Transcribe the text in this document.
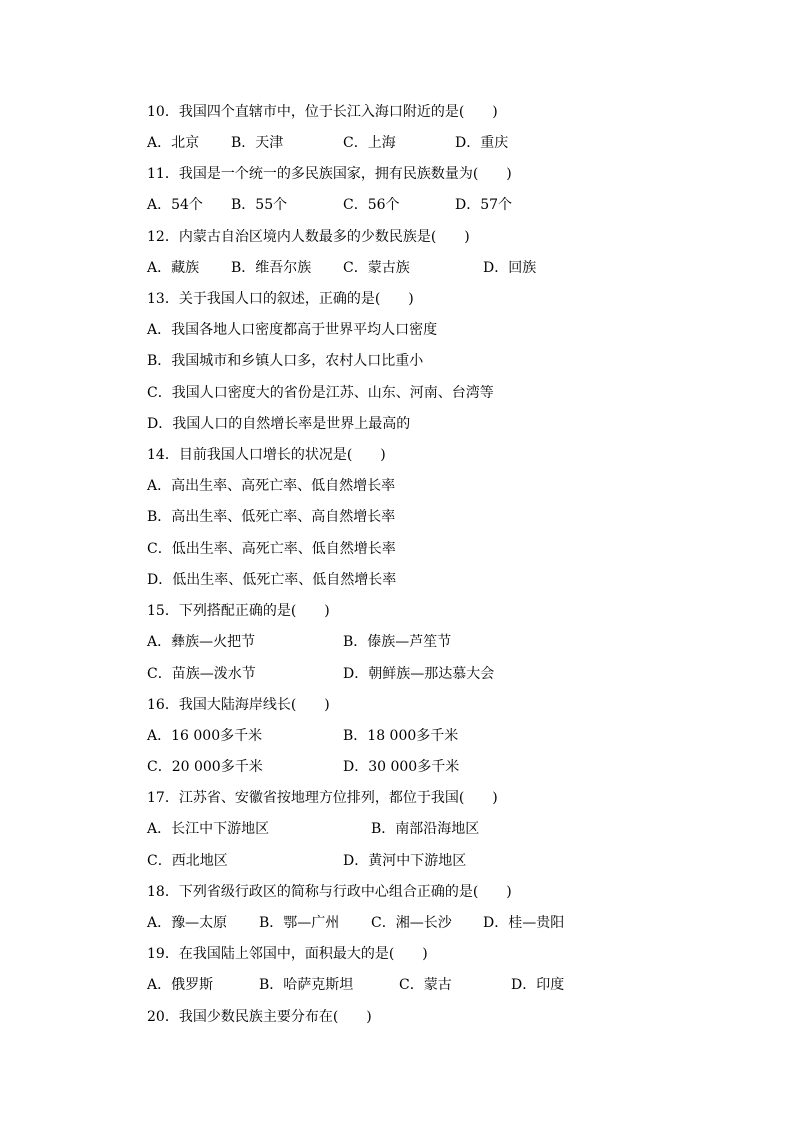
10．我国四个直辖市中，位于长江入海口附近的是(　　)
A．北京 B．天津	C．上海	D．重庆
11．我国是一个统一的多民族国家，拥有民族数量为(　　)
A．54个 B．55个	C．56个	D．57个
12．内蒙古自治区境内人数最多的少数民族是(　　)
A．藏族 B．维吾尔族 C．蒙古族	D．回族
13．关于我国人口的叙述，正确的是(　　)
A．我国各地人口密度都高于世界平均人口密度
B．我国城市和乡镇人口多，农村人口比重小
C．我国人口密度大的省份是江苏、山东、河南、台湾等
D．我国人口的自然增长率是世界上最高的
14．目前我国人口增长的状况是(　　)
A．高出生率、高死亡率、低自然增长率
B．高出生率、低死亡率、高自然增长率
C．低出生率、高死亡率、低自然增长率
D．低出生率、低死亡率、低自然增长率
15．下列搭配正确的是(　　)
A．彝族—火把节	B．傣族—芦笙节
C．苗族—泼水节	D．朝鲜族—那达慕大会
16．我国大陆海岸线长(　　)
A．16 000多千米	B．18 000多千米
C．20 000多千米	D．30 000多千米
17．江苏省、安徽省按地理方位排列，都位于我国(　　)
A．长江中下游地区	B．南部沿海地区
C．西北地区	D．黄河中下游地区
18．下列省级行政区的简称与行政中心组合正确的是(　　)
A．豫—太原 B．鄂—广州 C．湘—长沙 D．桂—贵阳
19．在我国陆上邻国中，面积最大的是(　　)
A．俄罗斯	B．哈萨克斯坦	C．蒙古	D．印度
20．我国少数民族主要分布在(　　)
